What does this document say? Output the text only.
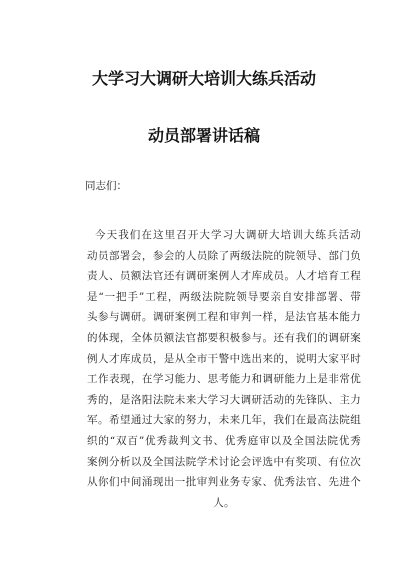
大学习大调研大培训大练兵活动
动员部署讲话稿

同志们：

今天我们在这里召开大学习大调研大培训大练兵活动
动员部署会，参会的人员除了两级法院的院领导、部门负
责人、员额法官还有调研案例人才库成员。人才培育工程
是“一把手”工程，两级法院院领导要亲自安排部署、带
头参与调研。调研案例工程和审判一样，是法官基本能力
的体现，全体员额法官都要积极参与。还有我们的调研案
例人才库成员，是从全市干警中选出来的，说明大家平时
工作表现，在学习能力、思考能力和调研能力上是非常优
秀的，是洛阳法院未来大学习大调研活动的先锋队、主力
军。希望通过大家的努力，未来几年，我们在最高法院组
织的“双百”优秀裁判文书、优秀庭审以及全国法院优秀
案例分析以及全国法院学术讨论会评选中有奖项、有位次
从你们中间涌现出一批审判业务专家、优秀法官、先进个
人。
